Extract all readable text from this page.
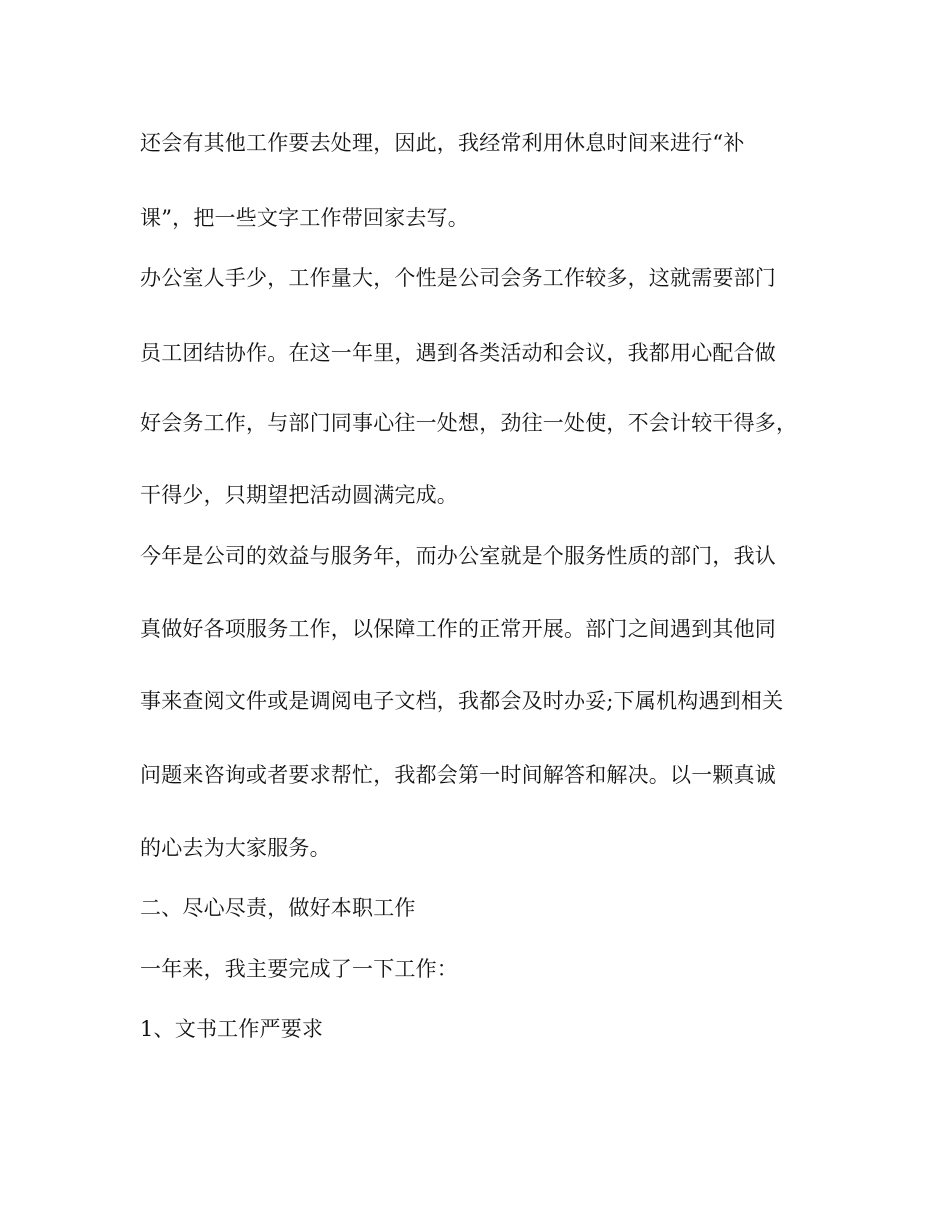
还会有其他工作要去处理，因此，我经常利用休息时间来进行“补
课”，把一些文字工作带回家去写。
办公室人手少，工作量大，个性是公司会务工作较多，这就需要部门
员工团结协作。在这一年里，遇到各类活动和会议，我都用心配合做
好会务工作，与部门同事心往一处想，劲往一处使，不会计较干得多，
干得少，只期望把活动圆满完成。
今年是公司的效益与服务年，而办公室就是个服务性质的部门，我认
真做好各项服务工作，以保障工作的正常开展。部门之间遇到其他同
事来查阅文件或是调阅电子文档，我都会及时办妥;下属机构遇到相关
问题来咨询或者要求帮忙，我都会第一时间解答和解决。以一颗真诚
的心去为大家服务。
二、尽心尽责，做好本职工作
一年来，我主要完成了一下工作：
1、文书工作严要求
